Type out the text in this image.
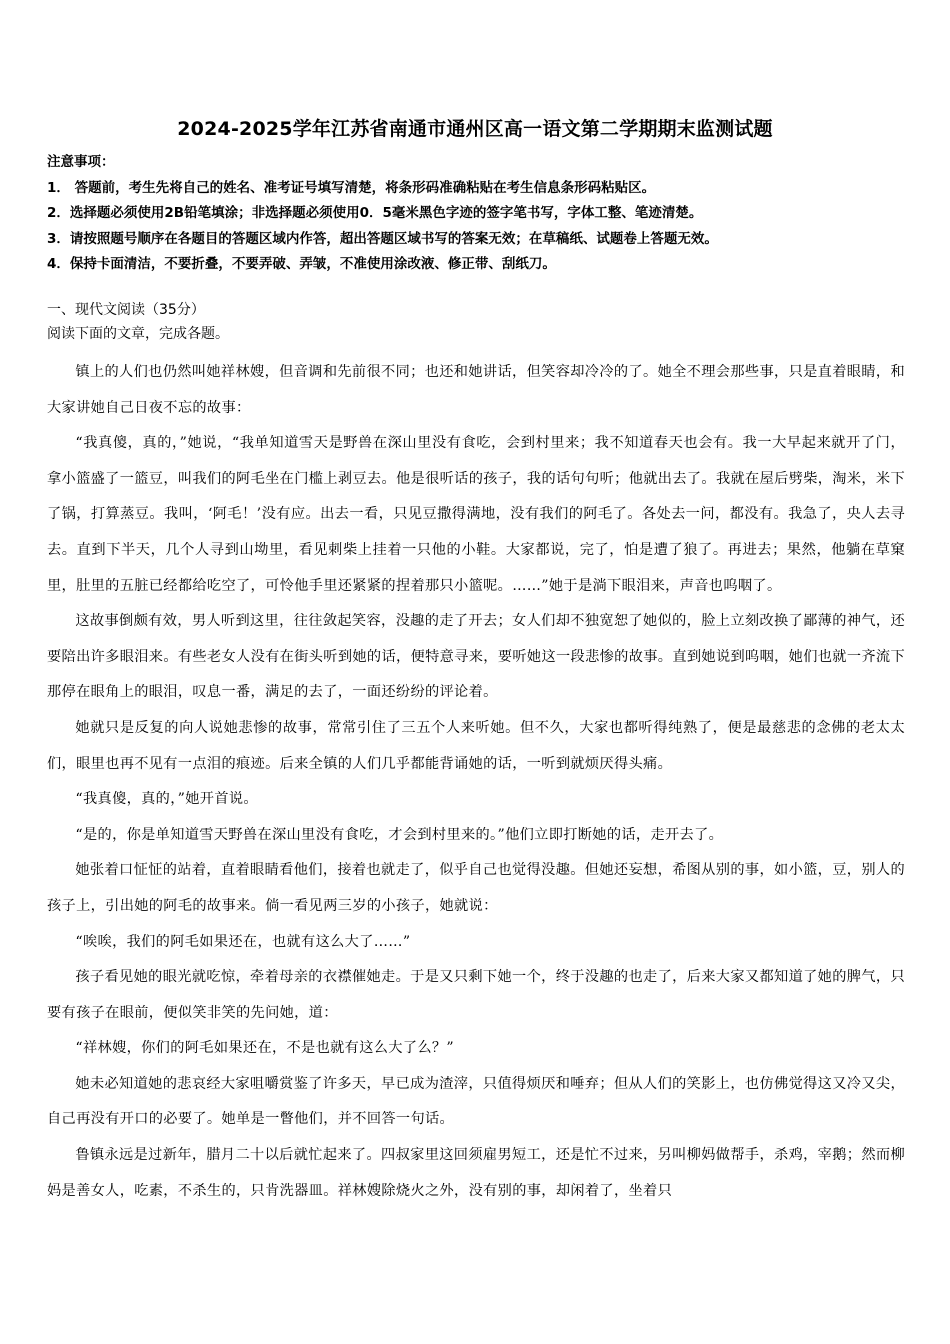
2024-2025学年江苏省南通市通州区高一语文第二学期期末监测试题
注意事项：
1． 答题前，考生先将自己的姓名、准考证号填写清楚，将条形码准确粘贴在考生信息条形码粘贴区。
2．选择题必须使用2B铅笔填涂；非选择题必须使用0．5毫米黑色字迹的签字笔书写，字体工整、笔迹清楚。
3．请按照题号顺序在各题目的答题区域内作答，超出答题区域书写的答案无效；在草稿纸、试题卷上答题无效。
4．保持卡面清洁，不要折叠，不要弄破、弄皱，不准使用涂改液、修正带、刮纸刀。
一、现代文阅读（35分）
阅读下面的文章，完成各题。

镇上的人们也仍然叫她祥林嫂，但音调和先前很不同；也还和她讲话，但笑容却冷冷的了。她全不理会那些事，只是直着眼睛，和大家讲她自己日夜不忘的故事：

“我真傻，真的，”她说，“我单知道雪天是野兽在深山里没有食吃，会到村里来；我不知道春天也会有。我一大早起来就开了门，拿小篮盛了一篮豆，叫我们的阿毛坐在门槛上剥豆去。他是很听话的孩子，我的话句句听；他就出去了。我就在屋后劈柴，淘米，米下了锅，打算蒸豆。我叫，‘阿毛！’没有应。出去一看，只见豆撒得满地，没有我们的阿毛了。各处去一问，都没有。我急了，央人去寻去。直到下半天，几个人寻到山坳里，看见刺柴上挂着一只他的小鞋。大家都说，完了，怕是遭了狼了。再进去；果然，他躺在草窠里，肚里的五脏已经都给吃空了，可怜他手里还紧紧的捏着那只小篮呢。……”她于是淌下眼泪来，声音也呜咽了。

这故事倒颇有效，男人听到这里，往往敛起笑容，没趣的走了开去；女人们却不独宽恕了她似的，脸上立刻改换了鄙薄的神气，还要陪出许多眼泪来。有些老女人没有在街头听到她的话，便特意寻来，要听她这一段悲惨的故事。直到她说到呜咽，她们也就一齐流下那停在眼角上的眼泪，叹息一番，满足的去了，一面还纷纷的评论着。

她就只是反复的向人说她悲惨的故事，常常引住了三五个人来听她。但不久，大家也都听得纯熟了，便是最慈悲的念佛的老太太们，眼里也再不见有一点泪的痕迹。后来全镇的人们几乎都能背诵她的话，一听到就烦厌得头痛。

“我真傻，真的，”她开首说。

“是的，你是单知道雪天野兽在深山里没有食吃，才会到村里来的。”他们立即打断她的话，走开去了。

她张着口怔怔的站着，直着眼睛看他们，接着也就走了，似乎自己也觉得没趣。但她还妄想，希图从别的事，如小篮，豆，别人的孩子上，引出她的阿毛的故事来。倘一看见两三岁的小孩子，她就说：

“唉唉，我们的阿毛如果还在，也就有这么大了……”

孩子看见她的眼光就吃惊，牵着母亲的衣襟催她走。于是又只剩下她一个，终于没趣的也走了，后来大家又都知道了她的脾气，只要有孩子在眼前，便似笑非笑的先问她，道：

“祥林嫂，你们的阿毛如果还在，不是也就有这么大了么？”

她未必知道她的悲哀经大家咀嚼赏鉴了许多天，早已成为渣滓，只值得烦厌和唾弃；但从人们的笑影上，也仿佛觉得这又冷又尖，自己再没有开口的必要了。她单是一瞥他们，并不回答一句话。

鲁镇永远是过新年，腊月二十以后就忙起来了。四叔家里这回须雇男短工，还是忙不过来，另叫柳妈做帮手，杀鸡，宰鹅；然而柳妈是善女人，吃素，不杀生的，只肯洗器皿。祥林嫂除烧火之外，没有别的事，却闲着了，坐着只
